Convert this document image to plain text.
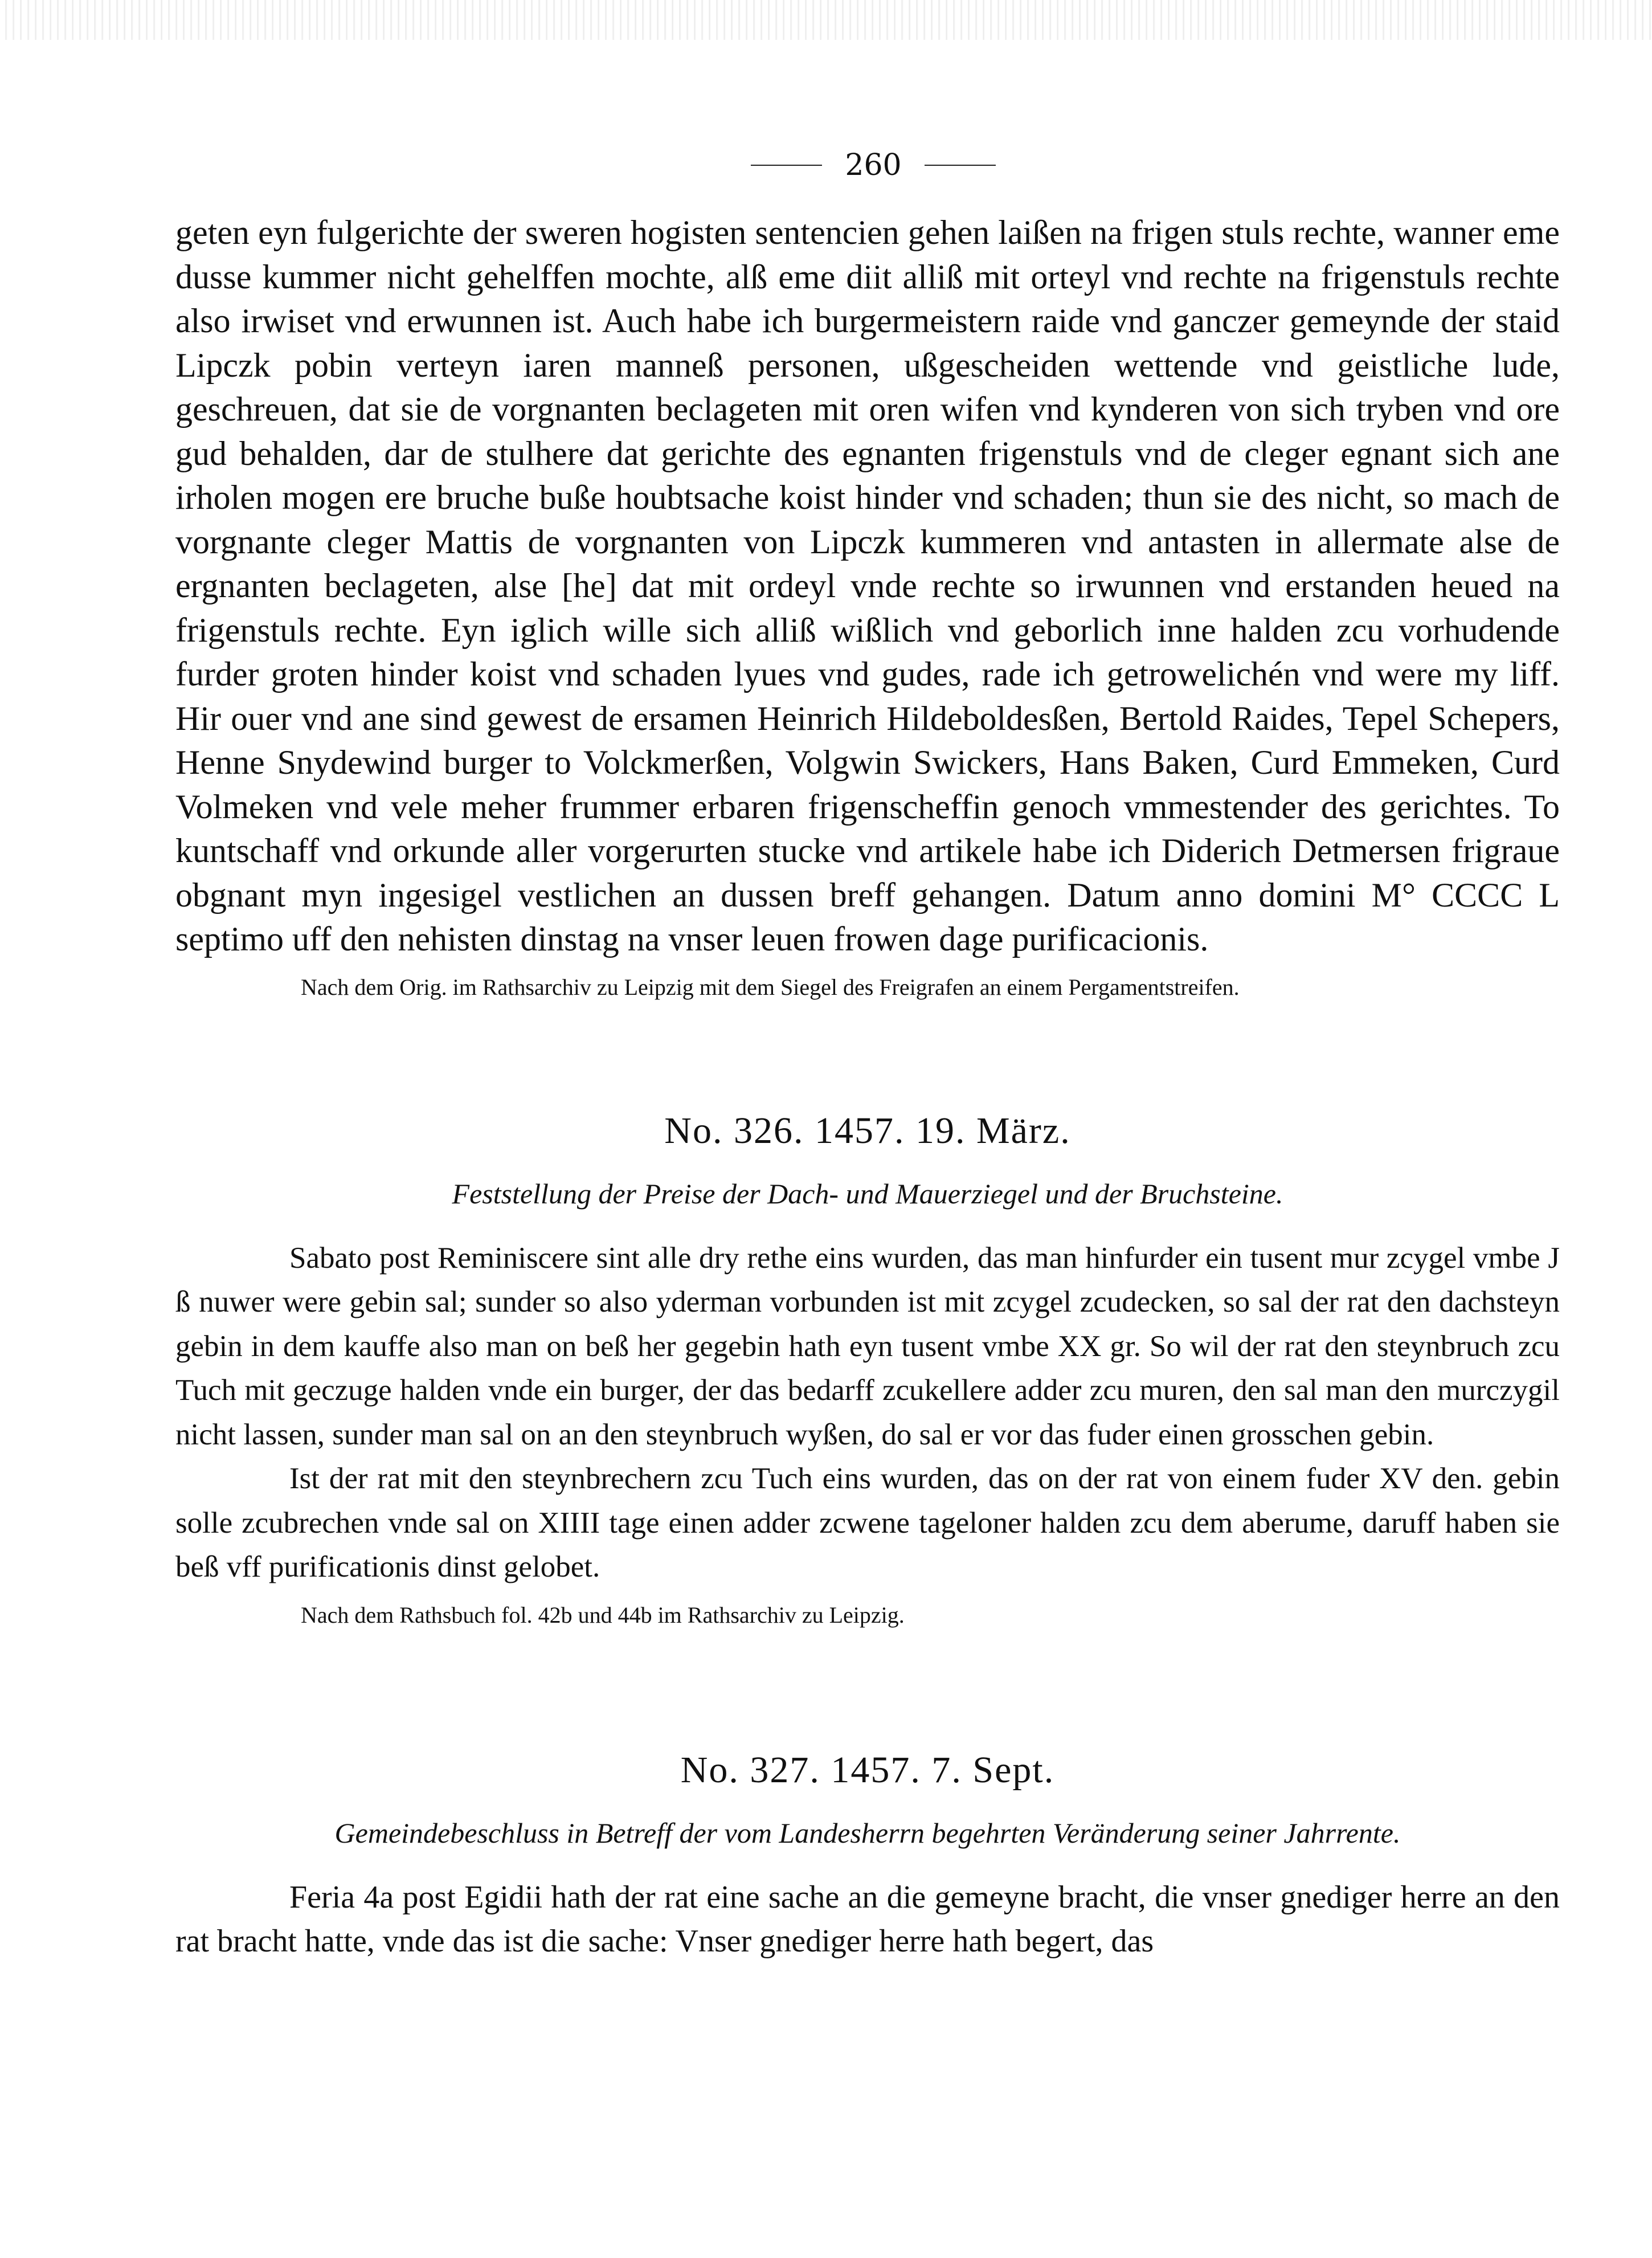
260

geten eyn fulgerichte der sweren hogisten sentencien gehen laißen na frigen stuls rechte, wanner eme dusse kummer nicht gehelffen mochte, alß eme diit alliß mit orteyl vnd rechte na frigenstuls rechte also irwiset vnd erwunnen ist. Auch habe ich burgermeistern raide vnd ganczer gemeynde der staid Lipczk pobin verteyn iaren manneß personen, ußgescheiden wettende vnd geistliche lude, geschreuen, dat sie de vorgnanten beclageten mit oren wifen vnd kynderen von sich tryben vnd ore gud behalden, dar de stulhere dat gerichte des egnanten frigenstuls vnd de cleger egnant sich ane irholen mogen ere bruche buße houbtsache koist hinder vnd schaden; thun sie des nicht, so mach de vorgnante cleger Mattis de vorgnanten von Lipczk kummeren vnd antasten in allermate alse de ergnanten beclageten, alse [he] dat mit ordeyl vnde rechte so irwunnen vnd erstanden heued na frigenstuls rechte. Eyn iglich wille sich alliß wißlich vnd geborlich inne halden zcu vorhudende furder groten hinder koist vnd schaden lyues vnd gudes, rade ich getrowelichén vnd were my liff. Hir ouer vnd ane sind gewest de ersamen Heinrich Hildeboldesßen, Bertold Raides, Tepel Schepers, Henne Snydewind burger to Volckmerßen, Volgwin Swickers, Hans Baken, Curd Emmeken, Curd Volmeken vnd vele meher frummer erbaren frigenscheffin genoch vmmestender des gerichtes. To kuntschaff vnd orkunde aller vorgerurten stucke vnd artikele habe ich Diderich Detmersen frigraue obgnant myn ingesigel vestlichen an dussen breff gehangen. Datum anno domini M° CCCC L septimo uff den nehisten dinstag na vnser leuen frowen dage purificacionis.

Nach dem Orig. im Rathsarchiv zu Leipzig mit dem Siegel des Freigrafen an einem Pergamentstreifen.
No. 326. 1457. 19. März.
Feststellung der Preise der Dach- und Mauerziegel und der Bruchsteine.

Sabato post Reminiscere sint alle dry rethe eins wurden, das man hinfurder ein tusent mur zcygel vmbe J ß nuwer were gebin sal; sunder so also yderman vorbunden ist mit zcygel zcudecken, so sal der rat den dachsteyn gebin in dem kauffe also man on beß her gegebin hath eyn tusent vmbe XX gr. So wil der rat den steynbruch zcu Tuch mit geczuge halden vnde ein burger, der das bedarff zcukellere adder zcu muren, den sal man den murczygil nicht lassen, sunder man sal on an den steynbruch wyßen, do sal er vor das fuder einen grosschen gebin.

Ist der rat mit den steynbrechern zcu Tuch eins wurden, das on der rat von einem fuder XV den. gebin solle zcubrechen vnde sal on XIIII tage einen adder zcwene tageloner halden zcu dem aberume, daruff haben sie beß vff purificationis dinst gelobet.

Nach dem Rathsbuch fol. 42b und 44b im Rathsarchiv zu Leipzig.
No. 327. 1457. 7. Sept.
Gemeindebeschluss in Betreff der vom Landesherrn begehrten Veränderung seiner Jahrrente.

Feria 4a post Egidii hath der rat eine sache an die gemeyne bracht, die vnser gnediger herre an den rat bracht hatte, vnde das ist die sache: Vnser gnediger herre hath begert, das
